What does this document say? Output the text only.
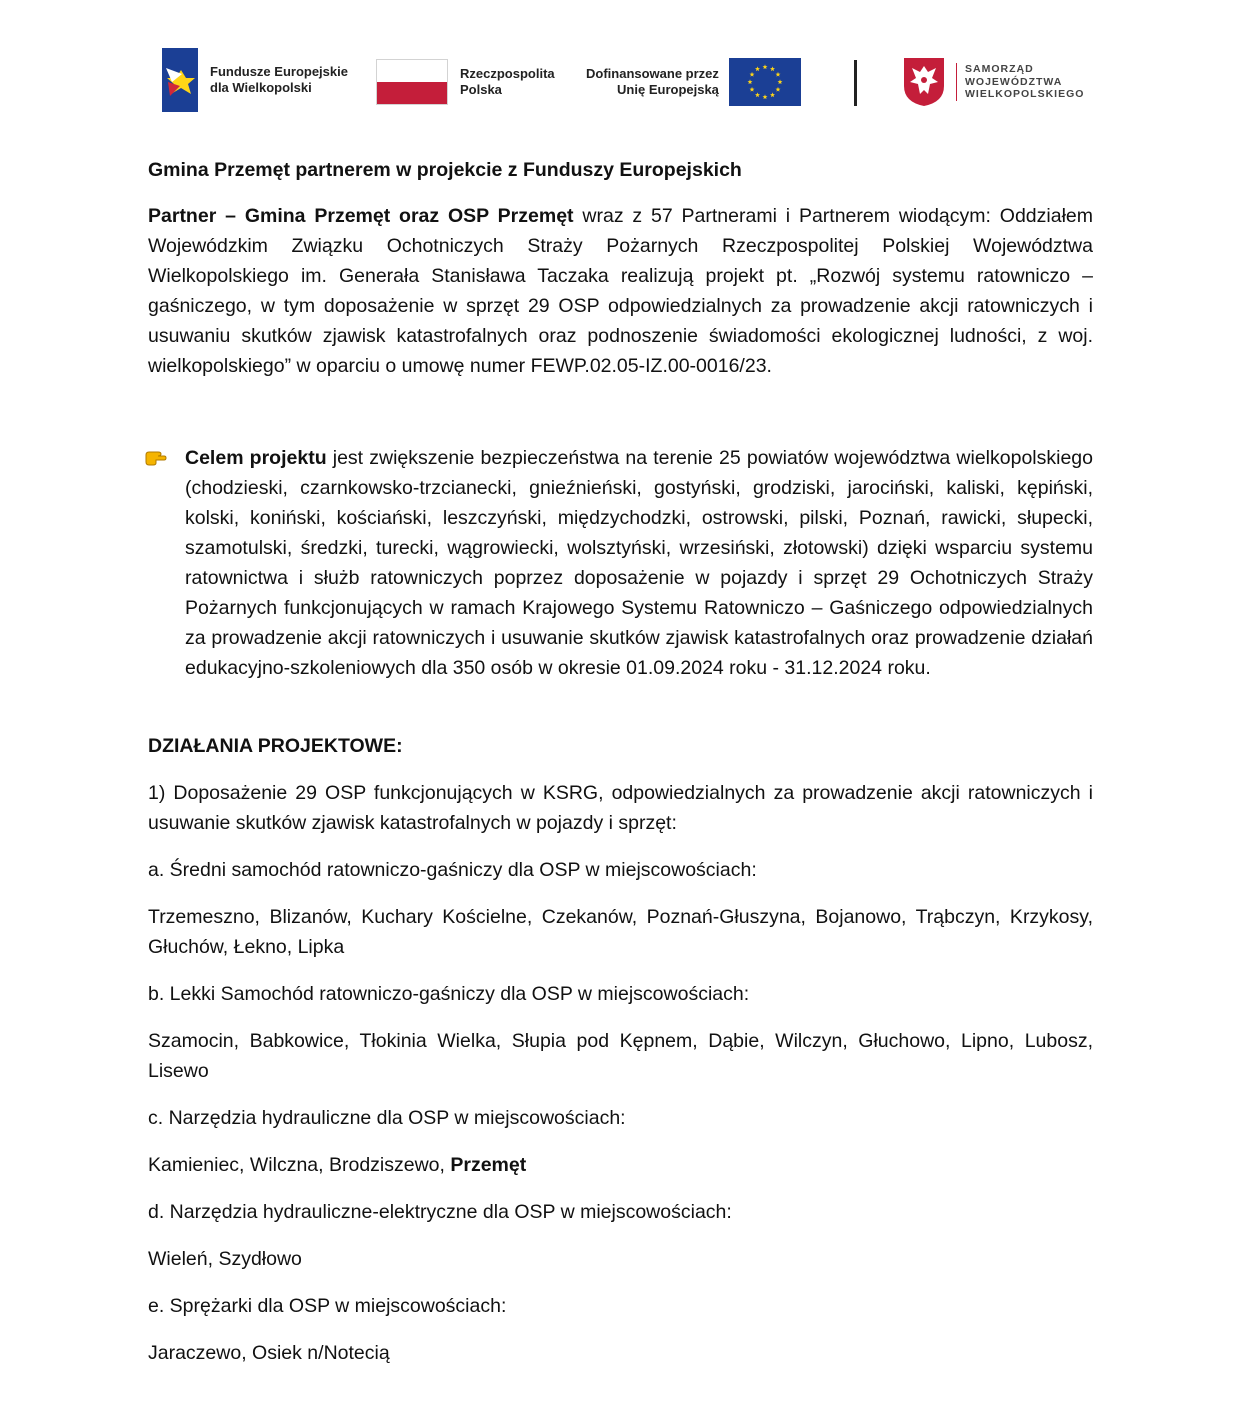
Fundusze Europejskie
dla Wielkopolski
Rzeczpospolita
Polska
Dofinansowane przez
Unię Europejską
SAMORZĄD
WOJEWÓDZTWA
WIELKOPOLSKIEGO

Gmina Przemęt partnerem w projekcie z Funduszy Europejskich

Partner – Gmina Przemęt oraz OSP Przemęt wraz z 57 Partnerami i Partnerem wiodącym: Oddziałem Wojewódzkim Związku Ochotniczych Straży Pożarnych Rzeczpospolitej Polskiej Województwa Wielkopolskiego im. Generała Stanisława Taczaka realizują projekt pt. „Rozwój systemu ratowniczo – gaśniczego, w tym doposażenie w sprzęt 29 OSP odpowiedzialnych za prowadzenie akcji ratowniczych i usuwaniu skutków zjawisk katastrofalnych oraz podnoszenie świadomości ekologicznej ludności, z woj. wielkopolskiego” w oparciu o umowę numer FEWP.02.05-IZ.00-0016/23.

Celem projektu jest zwiększenie bezpieczeństwa na terenie 25 powiatów województwa wielkopolskiego (chodzieski, czarnkowsko-trzcianecki, gnieźnieński, gostyński, grodziski, jarociński, kaliski, kępiński, kolski, koniński, kościański, leszczyński, międzychodzki, ostrowski, pilski, Poznań, rawicki, słupecki, szamotulski, średzki, turecki, wągrowiecki, wolsztyński, wrzesiński, złotowski) dzięki wsparciu systemu ratownictwa i służb ratowniczych poprzez doposażenie w pojazdy i sprzęt 29 Ochotniczych Straży Pożarnych funkcjonujących w ramach Krajowego Systemu Ratowniczo – Gaśniczego odpowiedzialnych za prowadzenie akcji ratowniczych i usuwanie skutków zjawisk katastrofalnych oraz prowadzenie działań edukacyjno-szkoleniowych dla 350 osób w okresie 01.09.2024 roku - 31.12.2024 roku.

DZIAŁANIA PROJEKTOWE:

1) Doposażenie 29 OSP funkcjonujących w KSRG, odpowiedzialnych za prowadzenie akcji ratowniczych i usuwanie skutków zjawisk katastrofalnych w pojazdy i sprzęt:

a. Średni samochód ratowniczo-gaśniczy dla OSP w miejscowościach:

Trzemeszno, Blizanów, Kuchary Kościelne, Czekanów, Poznań-Głuszyna, Bojanowo, Trąbczyn, Krzykosy, Głuchów, Łekno, Lipka

b. Lekki Samochód ratowniczo-gaśniczy dla OSP w miejscowościach:

Szamocin, Babkowice, Tłokinia Wielka, Słupia pod Kępnem, Dąbie, Wilczyn, Głuchowo, Lipno, Lubosz, Lisewo

c. Narzędzia hydrauliczne dla OSP w miejscowościach:

Kamieniec, Wilczna, Brodziszewo, Przemęt

d. Narzędzia hydrauliczne-elektryczne dla OSP w miejscowościach:

Wieleń, Szydłowo

e. Sprężarki dla OSP w miejscowościach:

Jaraczewo, Osiek n/Notecią
